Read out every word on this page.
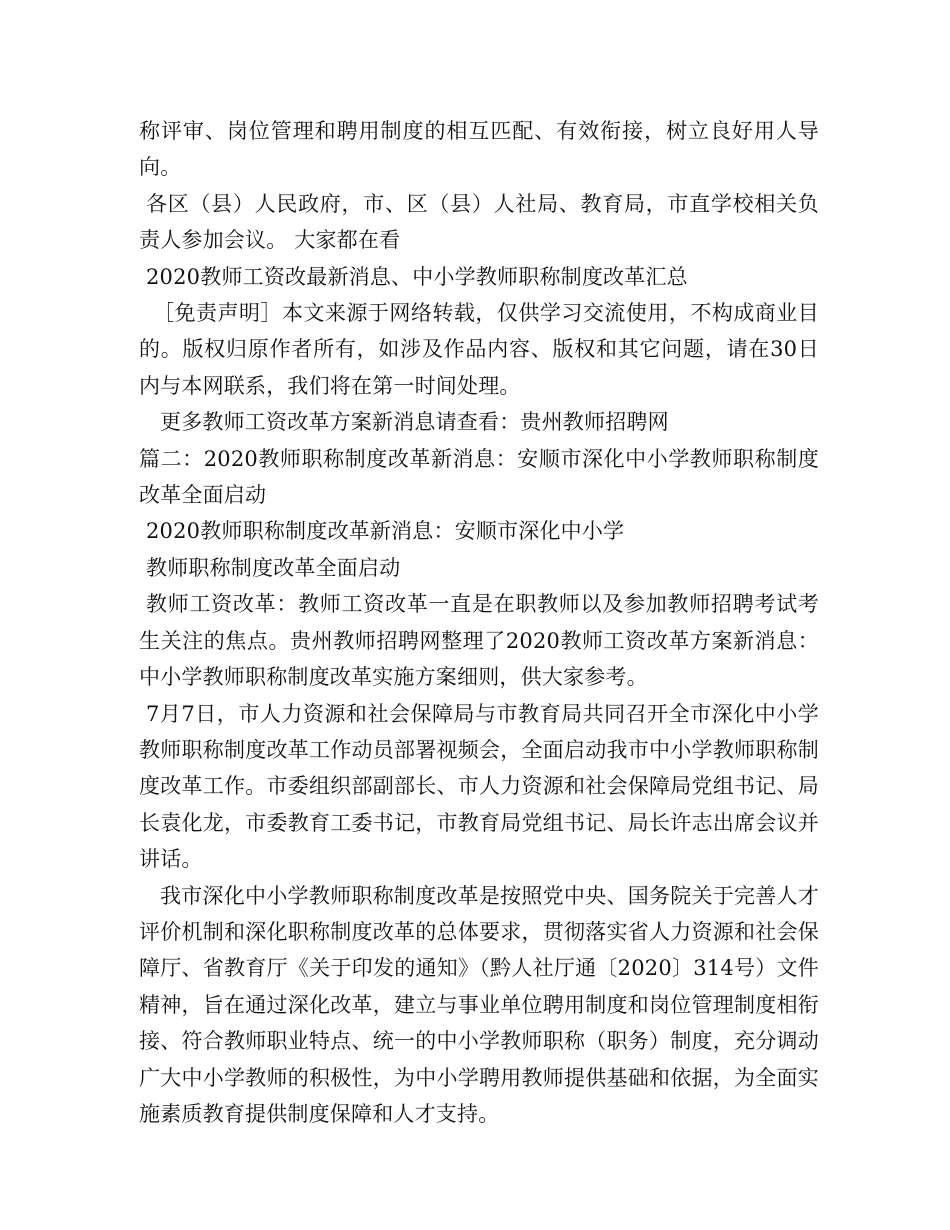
称评审、岗位管理和聘用制度的相互匹配、有效衔接，树立良好用人导向。

各区（县）人民政府，市、区（县）人社局、教育局，市直学校相关负责人参加会议。 大家都在看

2020教师工资改最新消息、中小学教师职称制度改革汇总

［免责声明］本文来源于网络转载，仅供学习交流使用，不构成商业目的。版权归原作者所有，如涉及作品内容、版权和其它问题，请在30日内与本网联系，我们将在第一时间处理。

更多教师工资改革方案新消息请查看：贵州教师招聘网

篇二：2020教师职称制度改革新消息：安顺市深化中小学教师职称制度改革全面启动

2020教师职称制度改革新消息：安顺市深化中小学

教师职称制度改革全面启动

教师工资改革：教师工资改革一直是在职教师以及参加教师招聘考试考生关注的焦点。贵州教师招聘网整理了2020教师工资改革方案新消息：中小学教师职称制度改革实施方案细则，供大家参考。

7月7日，市人力资源和社会保障局与市教育局共同召开全市深化中小学教师职称制度改革工作动员部署视频会，全面启动我市中小学教师职称制度改革工作。市委组织部副部长、市人力资源和社会保障局党组书记、局长袁化龙，市委教育工委书记，市教育局党组书记、局长许志出席会议并讲话。

我市深化中小学教师职称制度改革是按照党中央、国务院关于完善人才评价机制和深化职称制度改革的总体要求，贯彻落实省人力资源和社会保障厅、省教育厅《关于印发的通知》（黔人社厅通〔2020〕314号）文件精神，旨在通过深化改革，建立与事业单位聘用制度和岗位管理制度相衔接、符合教师职业特点、统一的中小学教师职称（职务）制度，充分调动广大中小学教师的积极性，为中小学聘用教师提供基础和依据，为全面实施素质教育提供制度保障和人才支持。
